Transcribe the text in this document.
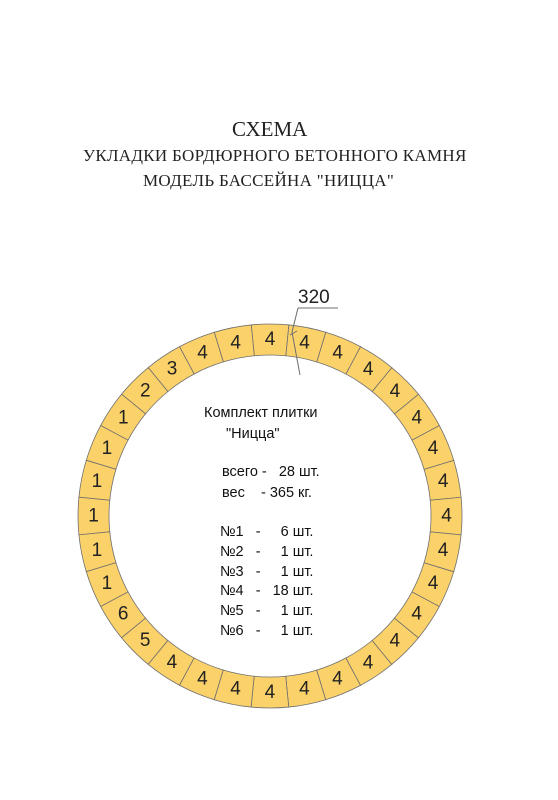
СХЕМА
УКЛАДКИ БОРДЮРНОГО БЕТОННОГО КАМНЯ
МОДЕЛЬ БАССЕЙНА "НИЦЦА"
4 4 4
4
4
4
4
4
4
4
4
4
4
4
4
4
4
4
4
4
5
6
1
1
1
1
1
1
2
3
4 4
320
Комплект плитки
"Ницца"
всего -   28 шт.
вес    - 365 кг.
№1   -     6 шт.
№2   -     1 шт.
№3   -     1 шт.
№4   -   18 шт.
№5   -     1 шт.
№6   -     1 шт.
